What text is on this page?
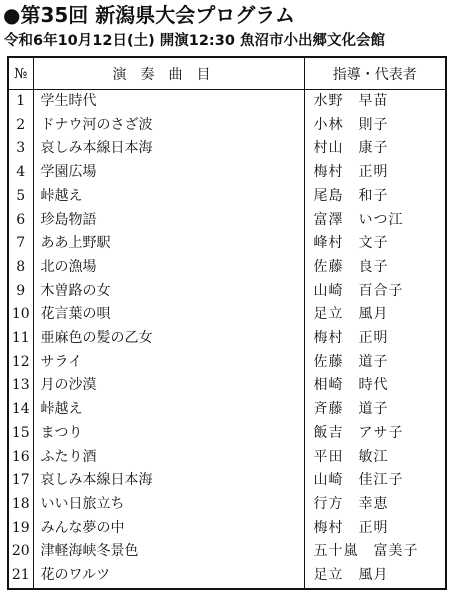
●第35回 新潟県大会プログラム
令和6年10月12日(土) 開演12:30 魚沼市小出郷文化会館
№	演奏曲目	指導・代表者
1	学生時代	水野　早苗
2	ドナウ河のさざ波	小林　則子
3	哀しみ本線日本海	村山　康子
4	学園広場	梅村　正明
5	峠越え	尾島　和子
6	珍島物語	富澤　いつ江
7	ああ上野駅	峰村　文子
8	北の漁場	佐藤　良子
9	木曽路の女	山崎　百合子
10	花言葉の唄	足立　風月
11	亜麻色の髪の乙女	梅村　正明
12	サライ	佐藤　道子
13	月の沙漠	相崎　時代
14	峠越え	斉藤　道子
15	まつり	飯吉　アサ子
16	ふたり酒	平田　敏江
17	哀しみ本線日本海	山崎　佳江子
18	いい日旅立ち	行方　幸恵
19	みんな夢の中	梅村　正明
20	津軽海峡冬景色	五十嵐　富美子
21	花のワルツ	足立　風月
